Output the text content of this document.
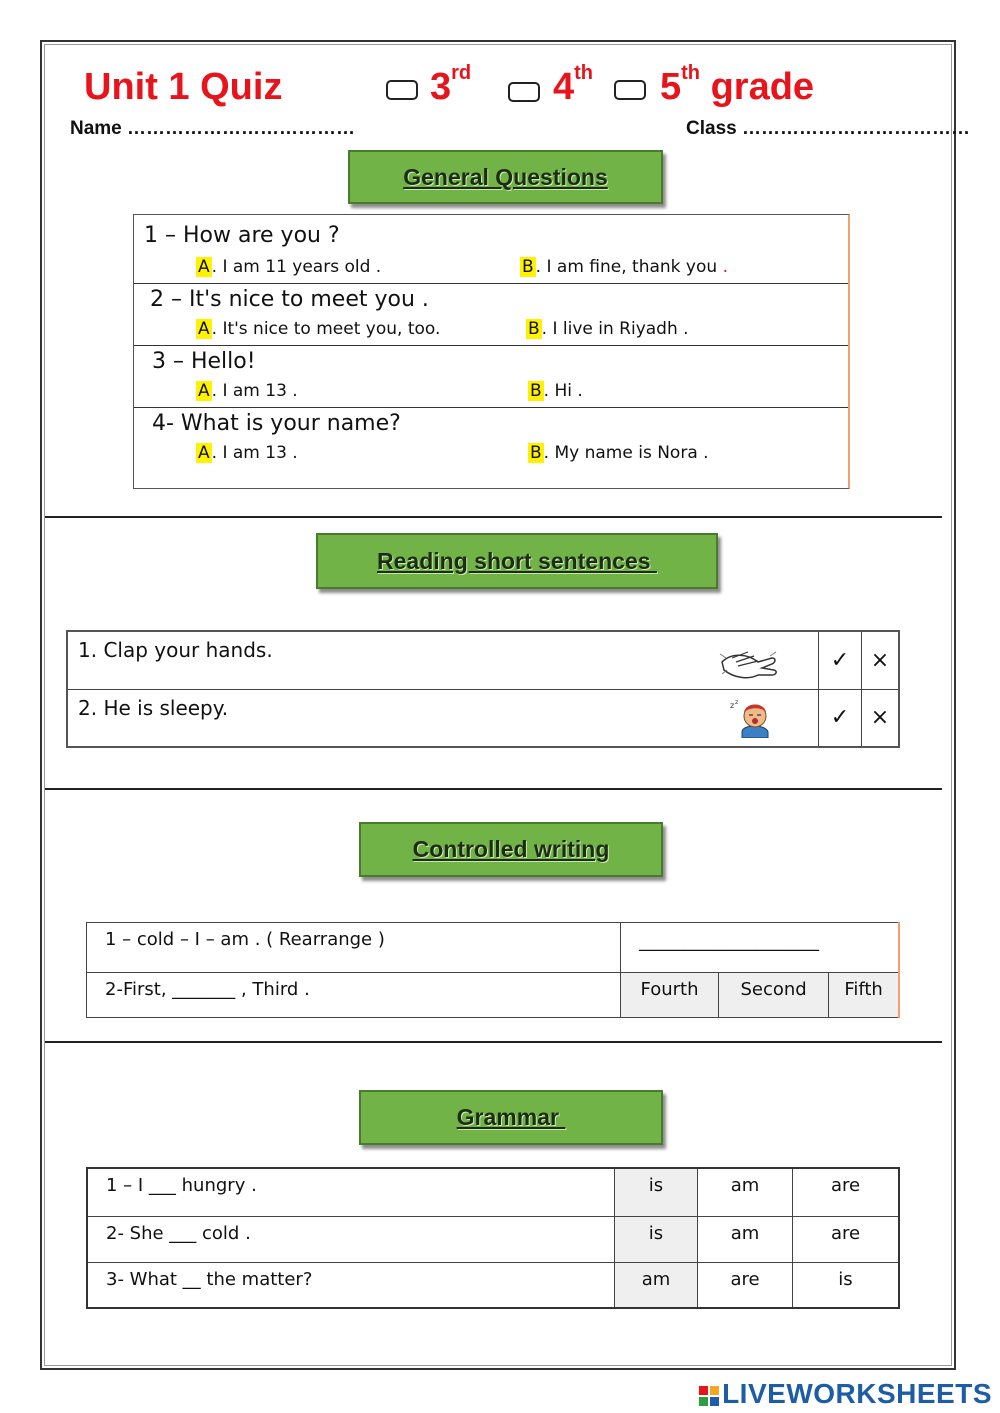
Unit 1 Quiz	3rd 4th 5th grade
Name ………………………………	Class ………………………………
General Questions
1 – How are you ?
A . I am 11 years old .	B . I am fine, thank you .
2 – It's nice to meet you .
A . It's nice to meet you, too.	B . I live in Riyadh .
3 – Hello!
A . I am 13 .	B . Hi .
4- What is your name?
A . I am 13 .	B . My name is Nora .
Reading short sentences
1. Clap your hands.	✓	×
2. He is sleepy. z z	✓	×
Controlled writing
1 – cold – I – am . ( Rearrange )	____________________		
2-First, _______ , Third .	Fourth	Second	Fifth
Grammar
1 – I ___ hungry .	is	am	are
2- She ___ cold .	is	am	are
3- What __ the matter?	am	are	is
LIVEWORKSHEETS
